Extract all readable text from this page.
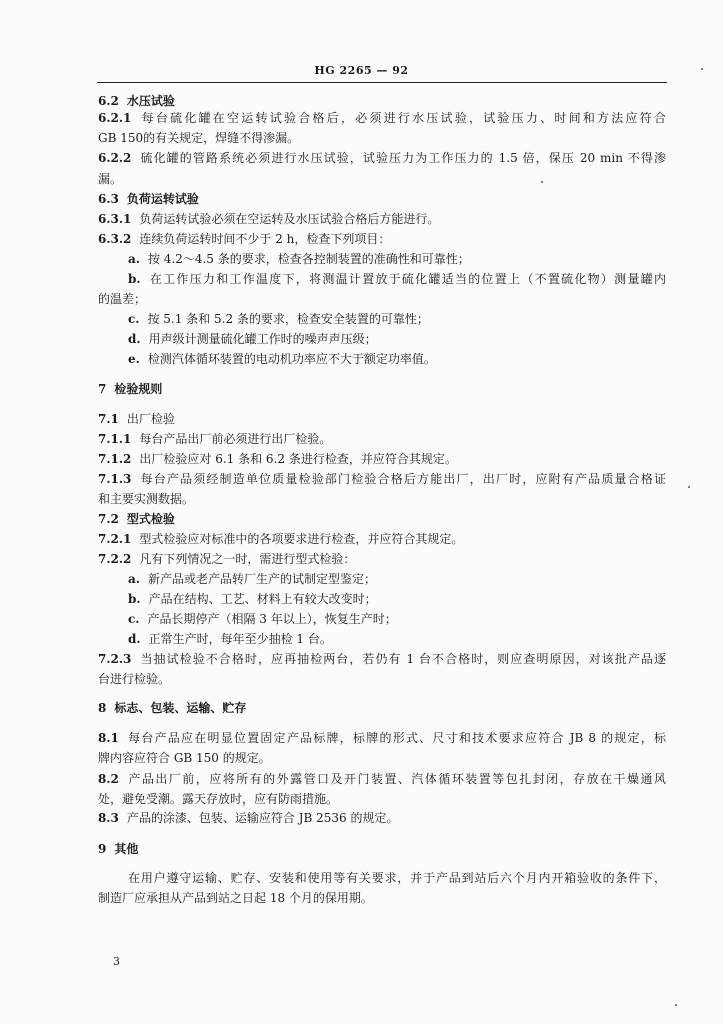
HG 2265 — 92
6.2 水压试验
6.2.1 每台硫化罐在空运转试验合格后，必须进行水压试验，试验压力、时间和方法应符合
GB 150的有关规定，焊缝不得渗漏。
6.2.2 硫化罐的管路系统必须进行水压试验，试验压力为工作压力的 1.5 倍，保压 20 min 不得渗
漏。
6.3 负荷运转试验
6.3.1 负荷运转试验必须在空运转及水压试验合格后方能进行。
6.3.2 连续负荷运转时间不少于 2 h，检查下列项目：
a. 按 4.2～4.5 条的要求，检查各控制装置的准确性和可靠性；
b. 在工作压力和工作温度下，将测温计置放于硫化罐适当的位置上（不置硫化物）测量罐内
的温差；
c. 按 5.1 条和 5.2 条的要求，检查安全装置的可靠性；
d. 用声级计测量硫化罐工作时的噪声声压级；
e. 检测汽体循环装置的电动机功率应不大于额定功率值。
7 检验规则
7.1 出厂检验
7.1.1 每台产品出厂前必须进行出厂检验。
7.1.2 出厂检验应对 6.1 条和 6.2 条进行检查，并应符合其规定。
7.1.3 每台产品须经制造单位质量检验部门检验合格后方能出厂，出厂时，应附有产品质量合格证
和主要实测数据。
7.2 型式检验
7.2.1 型式检验应对标准中的各项要求进行检查，并应符合其规定。
7.2.2 凡有下列情况之一时，需进行型式检验：
a. 新产品或老产品转厂生产的试制定型鉴定；
b. 产品在结构、工艺、材料上有较大改变时；
c. 产品长期停产（相隔 3 年以上），恢复生产时；
d. 正常生产时，每年至少抽检 1 台。
7.2.3 当抽试检验不合格时，应再抽检两台，若仍有 1 台不合格时，则应查明原因，对该批产品逐
台进行检验。
8 标志、包装、运输、贮存
8.1 每台产品应在明显位置固定产品标牌，标牌的形式、尺寸和技术要求应符合 JB 8 的规定，标
牌内容应符合 GB 150 的规定。
8.2 产品出厂前，应将所有的外露管口及开门装置、汽体循环装置等包扎封闭，存放在干燥通风
处，避免受潮。露天存放时，应有防雨措施。
8.3 产品的涂漆、包装、运输应符合 JB 2536 的规定。
9 其他
在用户遵守运输、贮存、安装和使用等有关要求，并于产品到站后六个月内开箱验收的条件下，
制造厂应承担从产品到站之日起 18 个月的保用期。
3
